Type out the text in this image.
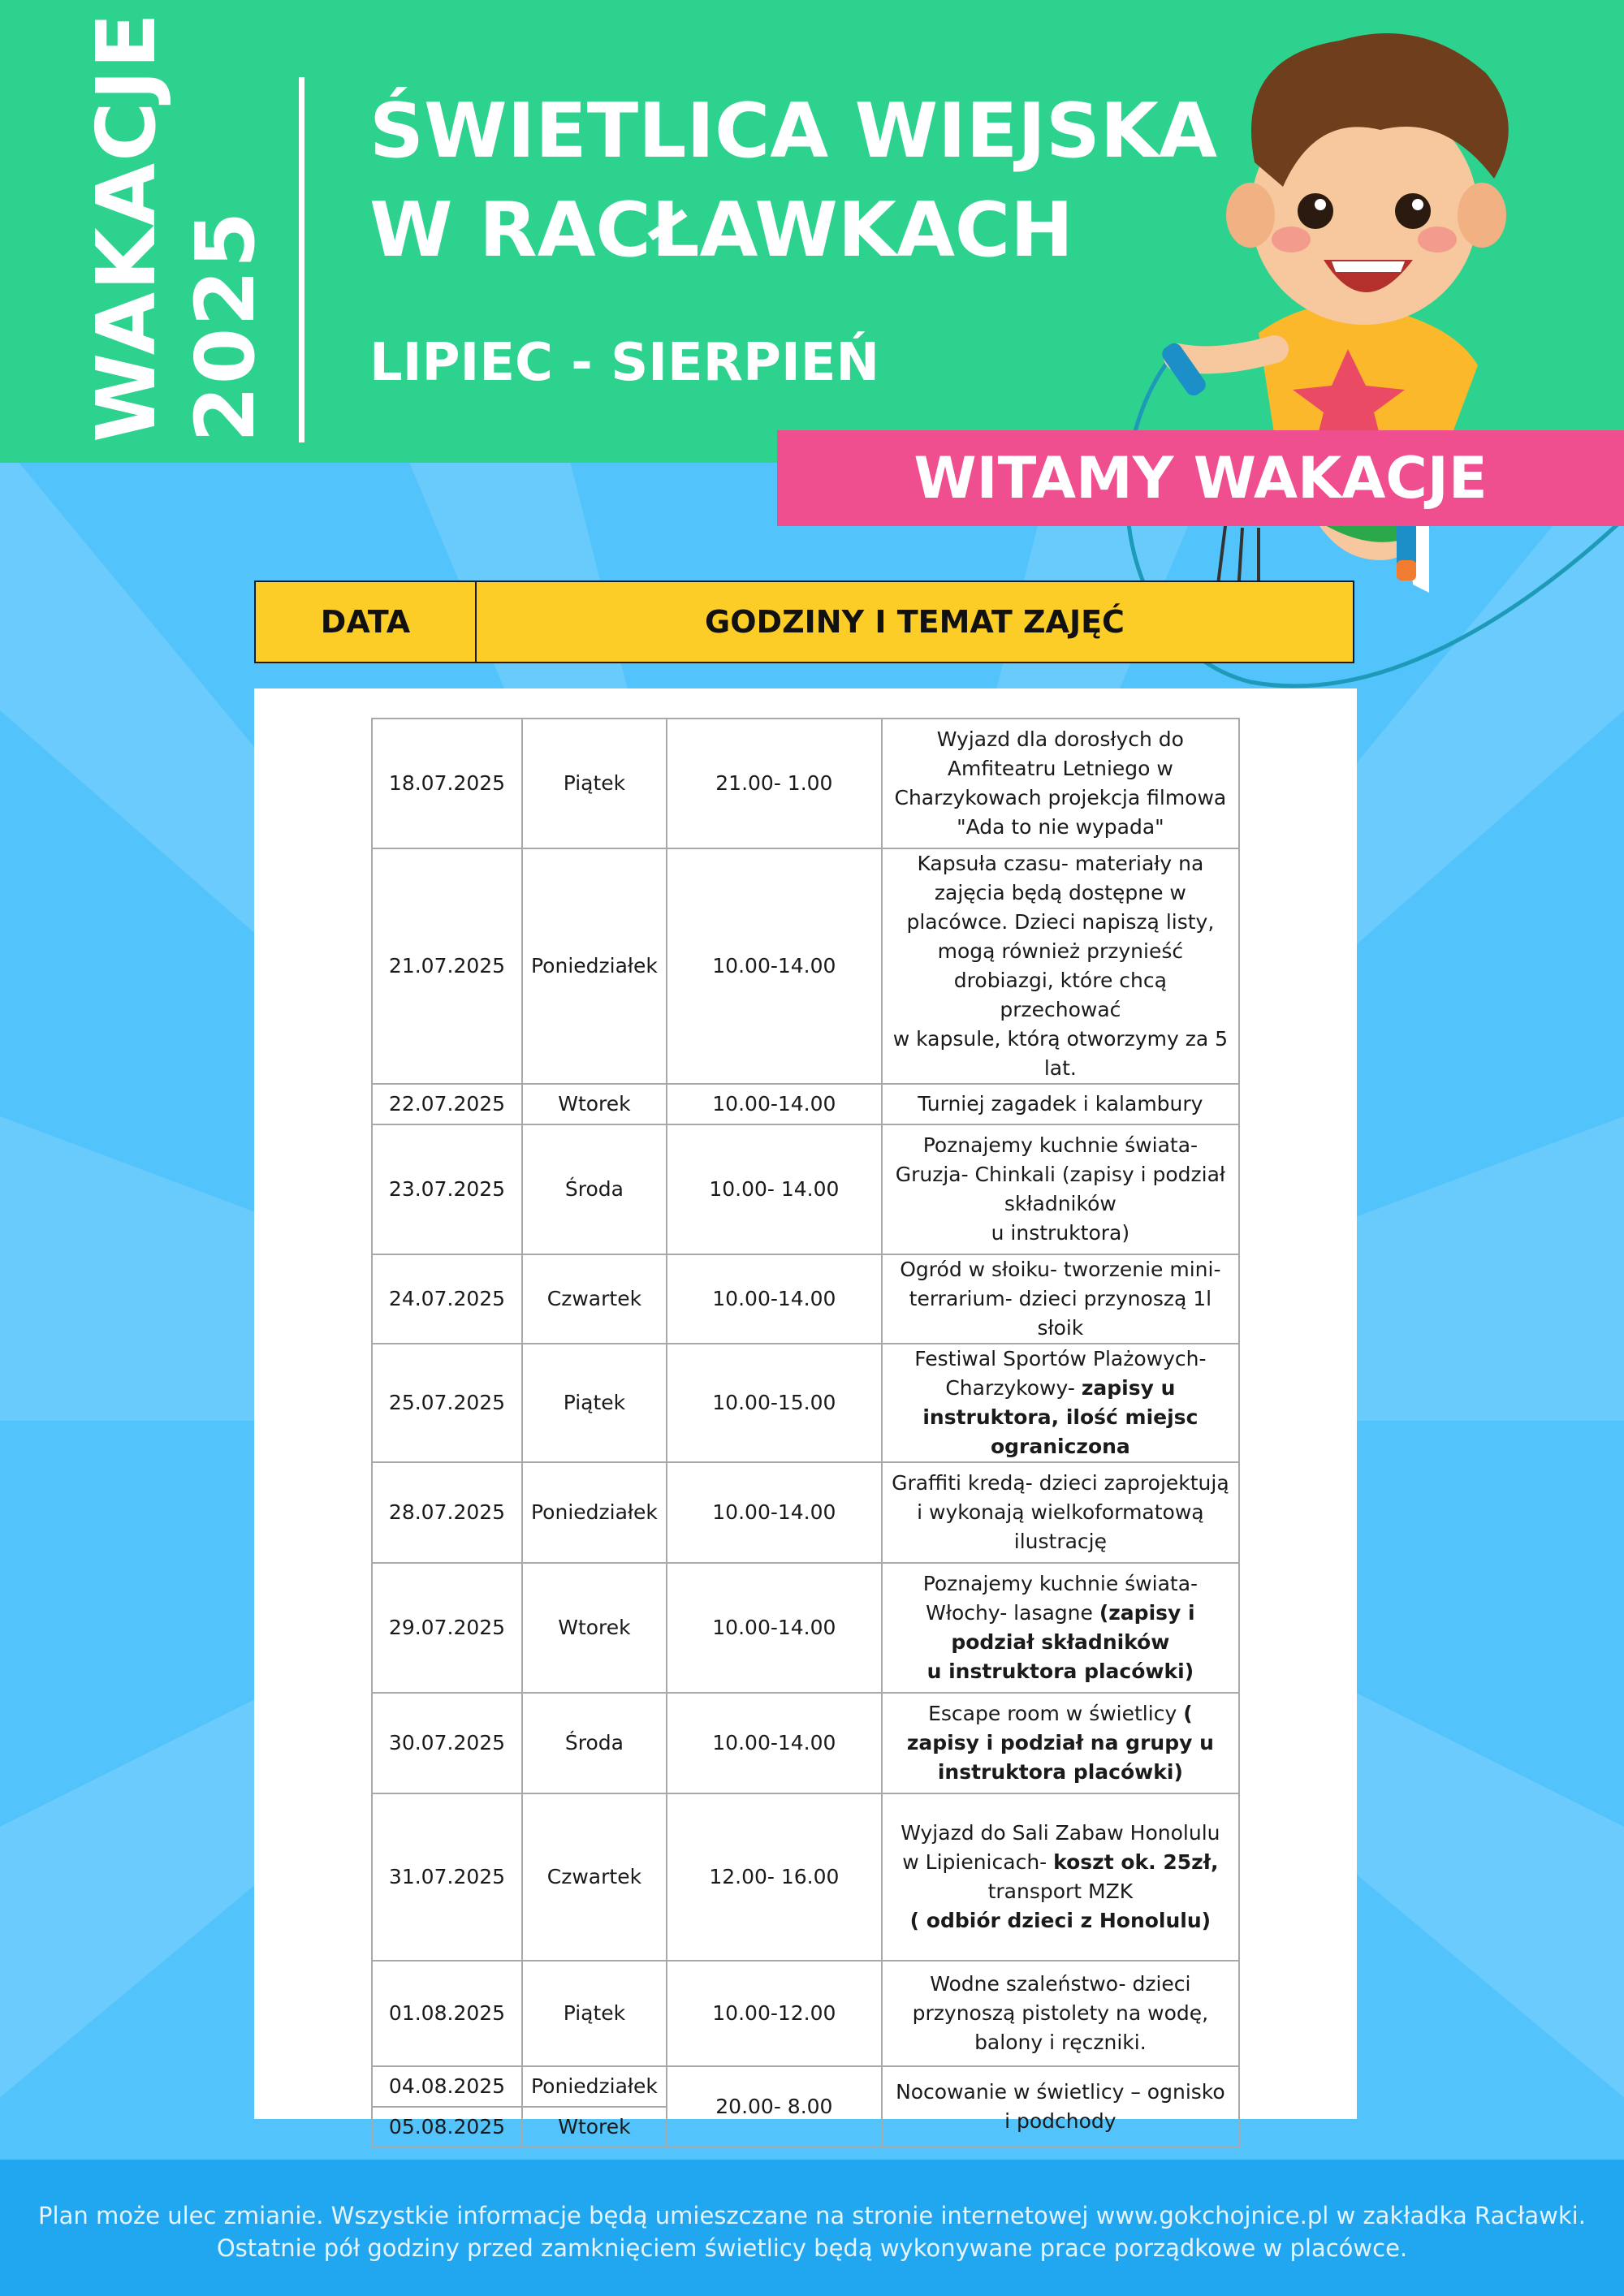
WAKACJE 2025
ŚWIETLICA WIEJSKA
W RACŁAWKACH
LIPIEC - SIERPIEŃ
WITAMY WAKACJE
DATA	GODZINY I TEMAT ZAJĘĆ
18.07.2025	Piątek	21.00- 1.00	Wyjazd dla dorosłych do Amfiteatru Letniego w Charzykowach projekcja filmowa "Ada to nie wypada"
21.07.2025	Poniedziałek	10.00-14.00	Kapsuła czasu- materiały na zajęcia będą dostępne w placówce. Dzieci napiszą listy, mogą również przynieść drobiazgi, które chcą przechować
w kapsule, którą otworzymy za 5 lat.
22.07.2025	Wtorek	10.00-14.00	Turniej zagadek i kalambury
23.07.2025	Środa	10.00- 14.00	Poznajemy kuchnie świata- Gruzja- Chinkali (zapisy i podział składników
u instruktora)
24.07.2025	Czwartek	10.00-14.00	Ogród w słoiku- tworzenie mini-terrarium- dzieci przynoszą 1l słoik
25.07.2025	Piątek	10.00-15.00	Festiwal Sportów Plażowych- Charzykowy- zapisy u instruktora, ilość miejsc ograniczona
28.07.2025	Poniedziałek	10.00-14.00	Graffiti kredą- dzieci zaprojektują i wykonają wielkoformatową ilustrację
29.07.2025	Wtorek	10.00-14.00	Poznajemy kuchnie świata- Włochy- lasagne (zapisy i podział składników
u instruktora placówki)
30.07.2025	Środa	10.00-14.00	Escape room w świetlicy ( zapisy i podział na grupy u instruktora placówki)
31.07.2025	Czwartek	12.00- 16.00	Wyjazd do Sali Zabaw Honolulu w Lipienicach- koszt ok. 25zł,
transport MZK
( odbiór dzieci z Honolulu)
01.08.2025	Piątek	10.00-12.00	Wodne szaleństwo- dzieci przynoszą pistolety na wodę, balony i ręczniki.
04.08.2025	Poniedziałek	20.00- 8.00	Nocowanie w świetlicy – ognisko i podchody
05.08.2025	Wtorek		
Plan może ulec zmianie. Wszystkie informacje będą umieszczane na stronie internetowej www.gokchojnice.pl w zakładka Racławki.
Ostatnie pół godziny przed zamknięciem świetlicy będą wykonywane prace porządkowe w placówce.
